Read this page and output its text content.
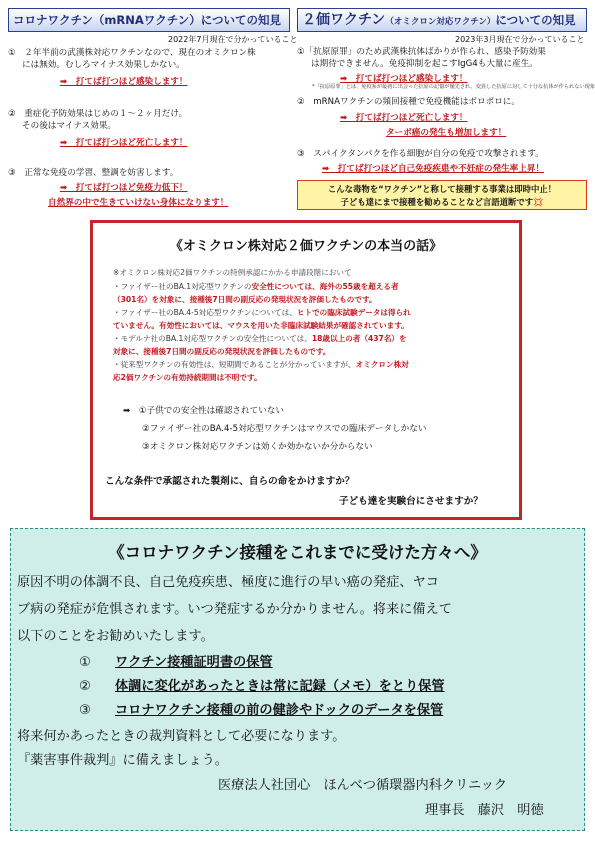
コロナワクチン（mRNAワクチン）についての知見
2022年7月現在で分かっていること
①　２年半前の武漢株対応ワクチンなので、現在のオミクロン株
には無効。むしろマイナス効果しかない。
➡　打てば打つほど感染します！
②　重症化予防効果はじめの１〜２ヶ月だけ。
その後はマイナス効果。
➡　打てば打つほど死亡します！
③　正常な免疫の学習、整調を妨害します。
➡　打てば打つほど免疫力低下！
自然界の中で生きていけない身体になります！
２価ワクチン（オミクロン対応ワクチン）についての知見
2023年3月現在で分かっていること
①「抗原原罪」のため武漢株抗体ばかりが作られ、感染予防効果
は期待できません。免疫抑制を起こすIgG4も大量に産生。
➡　打てば打つほど感染します！
*「抗原原罪」とは、免疫系が最初に出会った抗原の記憶が優先され、変異した抗原に対して十分な抗体が作られない現象
②　mRNAワクチンの頻回接種で免疫機能はボロボロに。
➡　打てば打つほど死亡します！
ターボ癌の発生も増加します！
③　スパイクタンパクを作る細胞が自分の免疫で攻撃されます。
➡　打てば打つほど自己免疫疾患や不妊症の発生率上昇！
こんな毒物を“ワクチン”と称して接種する事業は即時中止！
子ども達にまで接種を勧めることなど言語道断です💢
《オミクロン株対応２価ワクチンの本当の話》
※オミクロン株対応2価ワクチンの特例承認にかかる申請段階において
・ファイザー社のBA.1対応型ワクチンの安全性については、海外の55歳を超える者
（301名）を対象に、接種後7日間の副反応の発現状況を評価したものです。
・ファイザー社のBA.4-5対応型ワクチンについては、ヒトでの臨床試験データは得られ
ていません。有効性においては、マウスを用いた非臨床試験結果が確認されています。
・モデルナ社のBA.1対応型ワクチンの安全性については、18歳以上の者（437名）を
対象に、接種後7日間の副反応の発現状況を評価したものです。
・従来型ワクチンの有効性は、短期間であることが分かっていますが、オミクロン株対
応2価ワクチンの有効持続期間は不明です。
➡　①子供での安全性は確認されていない
②ファイザー社のBA.4-5対応型ワクチンはマウスでの臨床データしかない
③オミクロン株対応ワクチンは効くか効かないか分からない
こんな条件で承認された製剤に、自らの命をかけますか？
子ども達を実験台にさせますか？
《コロナワクチン接種をこれまでに受けた方々へ》
原因不明の体調不良、自己免疫疾患、極度に進行の早い癌の発症、ヤコ
ブ病の発症が危惧されます。いつ発症するか分かりません。将来に備えて
以下のことをお勧めいたします。
① ワクチン接種証明書の保管
② 体調に変化があったときは常に記録（メモ）をとり保管
③ コロナワクチン接種の前の健診やドックのデータを保管
将来何かあったときの裁判資料として必要になります。
『薬害事件裁判』に備えましょう。
医療法人社団心　ほんべつ循環器内科クリニック
理事長　藤沢　明徳
